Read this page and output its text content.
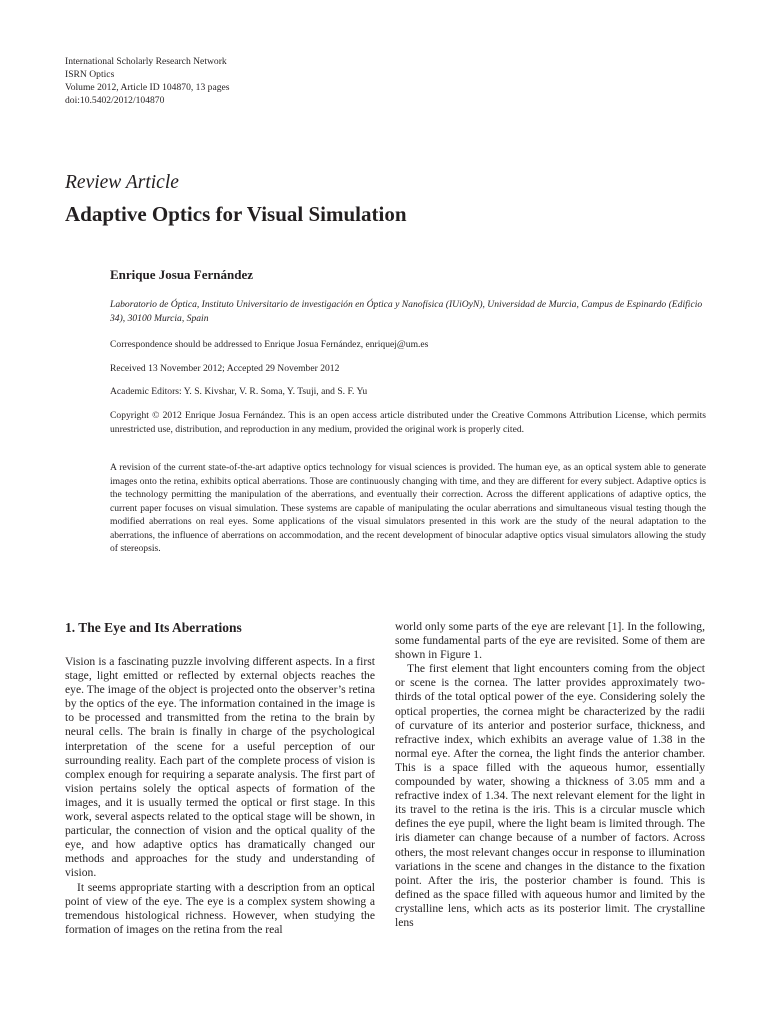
International Scholarly Research Network
ISRN Optics
Volume 2012, Article ID 104870, 13 pages
doi:10.5402/2012/104870
Review Article
Adaptive Optics for Visual Simulation
Enrique Josua Fernández
Laboratorio de Óptica, Instituto Universitario de investigación en Óptica y Nanofísica (IUiOyN), Universidad de Murcia, Campus de Espinardo (Edificio 34), 30100 Murcia, Spain
Correspondence should be addressed to Enrique Josua Fernández, enriquej@um.es
Received 13 November 2012; Accepted 29 November 2012
Academic Editors: Y. S. Kivshar, V. R. Soma, Y. Tsuji, and S. F. Yu
Copyright © 2012 Enrique Josua Fernández. This is an open access article distributed under the Creative Commons Attribution License, which permits unrestricted use, distribution, and reproduction in any medium, provided the original work is properly cited.
A revision of the current state-of-the-art adaptive optics technology for visual sciences is provided. The human eye, as an optical system able to generate images onto the retina, exhibits optical aberrations. Those are continuously changing with time, and they are different for every subject. Adaptive optics is the technology permitting the manipulation of the aberrations, and eventually their correction. Across the different applications of adaptive optics, the current paper focuses on visual simulation. These systems are capable of manipulating the ocular aberrations and simultaneous visual testing though the modified aberrations on real eyes. Some applications of the visual simulators presented in this work are the study of the neural adaptation to the aberrations, the influence of aberrations on accommodation, and the recent development of binocular adaptive optics visual simulators allowing the study of stereopsis.
1. The Eye and Its Aberrations

Vision is a fascinating puzzle involving different aspects. In a first stage, light emitted or reflected by external objects reaches the eye. The image of the object is projected onto the observer’s retina by the optics of the eye. The information contained in the image is to be processed and transmitted from the retina to the brain by neural cells. The brain is finally in charge of the psychological interpretation of the scene for a useful perception of our surrounding reality. Each part of the complete process of vision is complex enough for requiring a separate analysis. The first part of vision pertains solely the optical aspects of formation of the images, and it is usually termed the optical or first stage. In this work, several aspects related to the optical stage will be shown, in particular, the connection of vision and the optical quality of the eye, and how adaptive optics has dramatically changed our methods and approaches for the study and understanding of vision.

It seems appropriate starting with a description from an optical point of view of the eye. The eye is a complex system showing a tremendous histological richness. However, when studying the formation of images on the retina from the real

world only some parts of the eye are relevant [1]. In the following, some fundamental parts of the eye are revisited. Some of them are shown in Figure 1.

The first element that light encounters coming from the object or scene is the cornea. The latter provides approximately two-thirds of the total optical power of the eye. Considering solely the optical properties, the cornea might be characterized by the radii of curvature of its anterior and posterior surface, thickness, and refractive index, which exhibits an average value of 1.38 in the normal eye. After the cornea, the light finds the anterior chamber. This is a space filled with the aqueous humor, essentially compounded by water, showing a thickness of 3.05 mm and a refractive index of 1.34. The next relevant element for the light in its travel to the retina is the iris. This is a circular muscle which defines the eye pupil, where the light beam is limited through. The iris diameter can change because of a number of factors. Across others, the most relevant changes occur in response to illumination variations in the scene and changes in the distance to the fixation point. After the iris, the posterior chamber is found. This is defined as the space filled with aqueous humor and limited by the crystalline lens, which acts as its posterior limit. The crystalline lens
